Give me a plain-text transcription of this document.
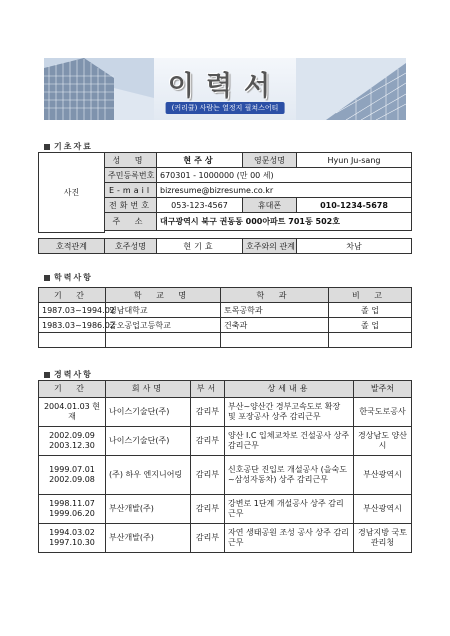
이력서
(커리큘) 사람는 열정지 필쳐스어티
기초자료
사진	성 명	현주상	영문성명	Hyun Ju-sang
	주민등록번호	670301 - 1000000 (만 00 세)		
	E-mail	bizresume@bizresume.co.kr		
	전화번호	053-123-4567	휴대폰	010-1234-5678
	주 소	대구광역시 북구 권동동 000아파트 701동 502호		

호적관계	호주성명	현기효	호주와의 관계	차남
학력사항
기 간	학 교 명	학 과	비 고
1987.03~1994.02	영남대학교	토목공학과	졸 업
1983.03~1986.02	금오공업고등학교	건축과	졸 업

경력사항
기 간	회사명	부서	상세내용	발주처
2004.01.03 현 재	나이스기술단(주)	감리부	부산~양산간 경부고속도로 확장 및 포장공사 상주 감리근무	한국도로공사
2002.09.09 2003.12.30	나이스기술단(주)	감리부	양산 I.C 입체교차로 건설공사 상주 감리근무	경상남도 양산시
1999.07.01 2002.09.08	(주) 하우 엔지니어링	감리부	신호공단 진입로 개설공사 (을숙도~삼성자동차) 상주 감리근무	부산광역시
1998.11.07 1999.06.20	부산개발(주)	감리부	강변로 1단계 개설공사 상주 감리근무	부산광역시
1994.03.02 1997.10.30	부산개발(주)	감리부	자연 생태공원 조성 공사 상주 감리근무	경남지방 국토관리청
